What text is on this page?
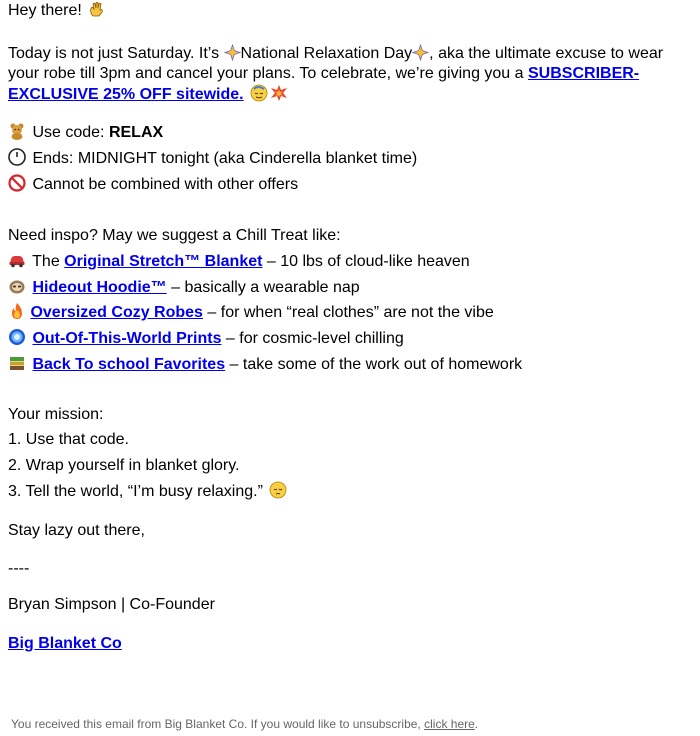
Hey there!

Today is not just Saturday. It’s National Relaxation Day , aka the ultimate excuse to wear your robe till 3pm and cancel your plans. To celebrate, we’re giving you a SUBSCRIBER-EXCLUSIVE 25% OFF sitewide.

Use code: RELAX

Ends: MIDNIGHT tonight (aka Cinderella blanket time)

Cannot be combined with other offers

Need inspo? May we suggest a Chill Treat like:

The Original Stretch™ Blanket – 10 lbs of cloud-like heaven

Hideout Hoodie™ – basically a wearable nap

Oversized Cozy Robes – for when “real clothes” are not the vibe

Out-Of-This-World Prints – for cosmic-level chilling

Back To school Favorites – take some of the work out of homework

Your mission:

1. Use that code.

2. Wrap yourself in blanket glory.

3. Tell the world, “I’m busy relaxing.”

Stay lazy out there,

----

Bryan Simpson | Co-Founder

Big Blanket Co

You received this email from Big Blanket Co. If you would like to unsubscribe, click here.
